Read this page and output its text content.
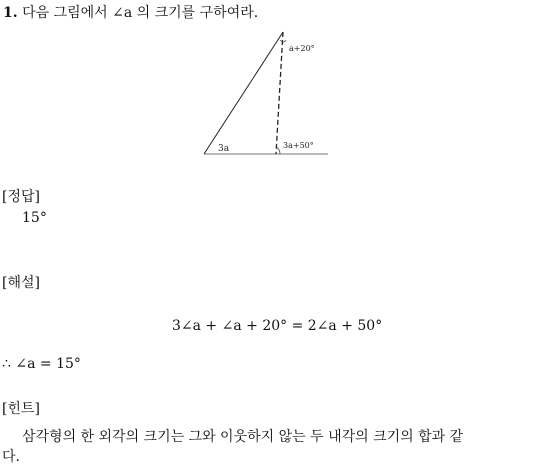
1. 다음 그림에서 ∠a 의 크기를 구하여라.
a+20°
3a	3a+50°
[정답]
15°
[해설]
3∠a + ∠a + 20° = 2∠a + 50°
∴ ∠a = 15°
[힌트]
삼각형의 한 외각의 크기는 그와 이웃하지 않는 두 내각의 크기의 합과 같
다.
